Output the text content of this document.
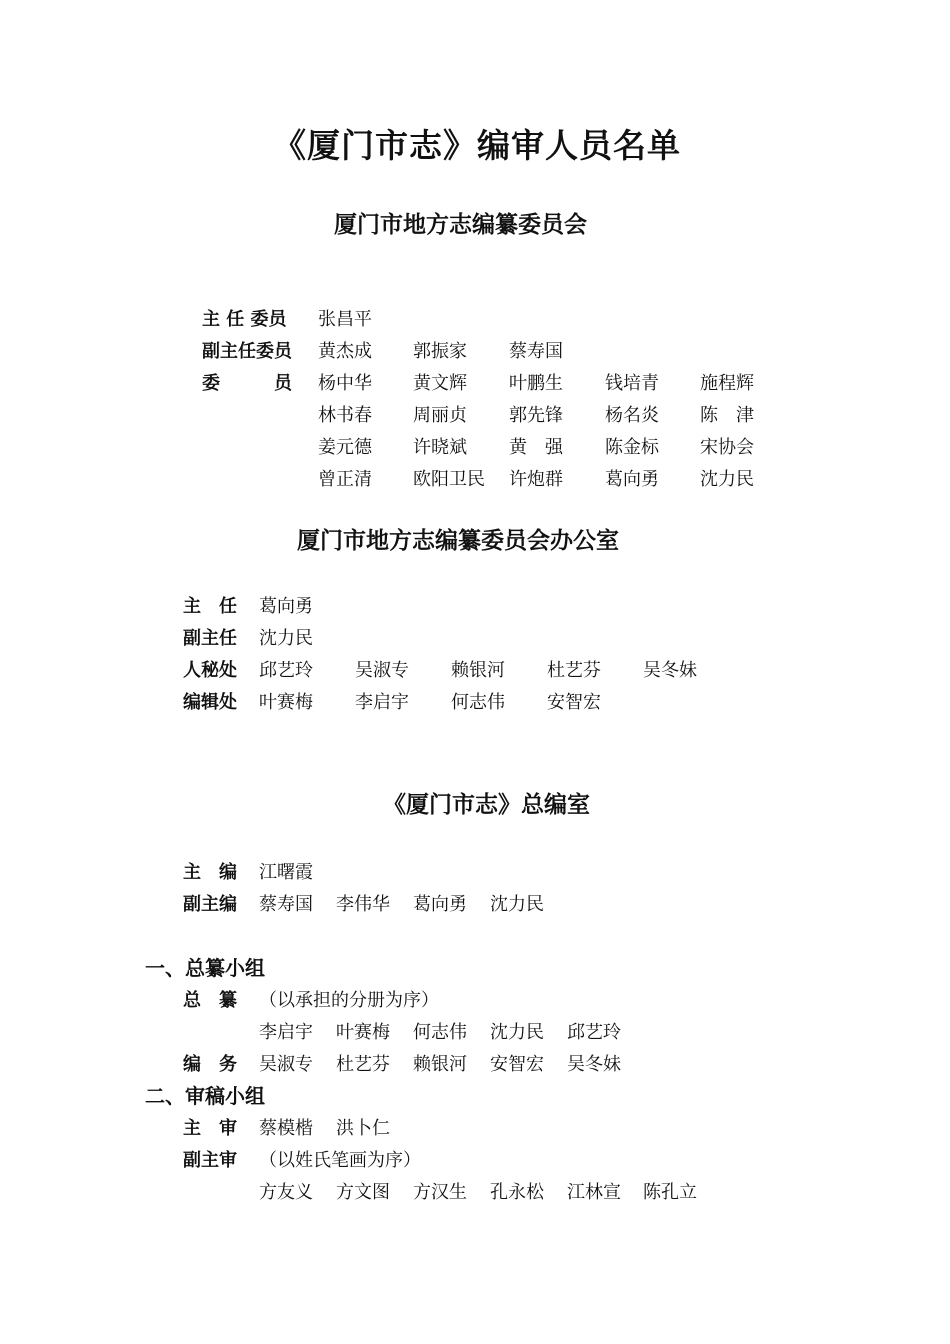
《厦门市志》编审人员名单
厦门市地方志编纂委员会
主 任 委员 张昌平
副主任委员 黄杰成 郭振家 蔡寿国
委　　　员 杨中华 黄文辉 叶鹏生 钱培青 施程辉
林书春 周丽贞 郭先锋 杨名炎 陈　津
姜元德 许晓斌 黄　强 陈金标 宋协会
曾正清 欧阳卫民 许炮群 葛向勇 沈力民
厦门市地方志编纂委员会办公室
主　任 葛向勇
副主任 沈力民
人秘处 邱艺玲 吴淑专 赖银河 杜艺芬 吴冬妹
编辑处 叶赛梅 李启宇 何志伟 安智宏
《厦门市志》总编室
主　编 江曙霞
副主编 蔡寿国 李伟华 葛向勇 沈力民
一、总纂小组
总　纂 （以承担的分册为序）
李启宇 叶赛梅 何志伟 沈力民 邱艺玲
编　务 吴淑专 杜艺芬 赖银河 安智宏 吴冬妹
二、审稿小组
主　审 蔡模楷 洪卜仁
副主审 （以姓氏笔画为序）
方友义 方文图 方汉生 孔永松 江林宣 陈孔立
